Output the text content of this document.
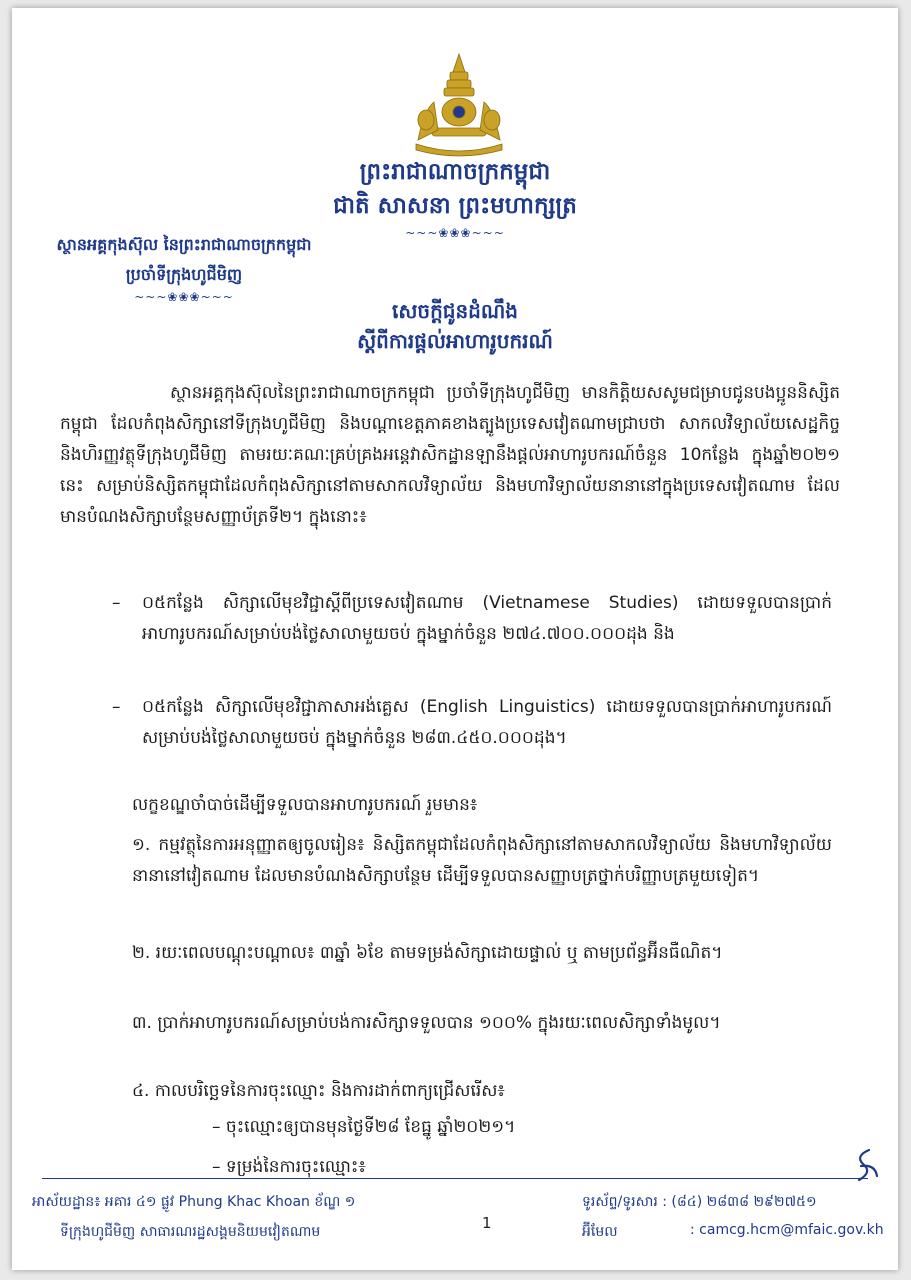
ព្រះរាជាណាចក្រកម្ពុជា
ជាតិ សាសនា ព្រះមហាក្សត្រ
~~~❀❀❀~~~
ស្ថានអគ្គកុងស៊ុល នៃព្រះរាជាណាចក្រកម្ពុជា
ប្រចាំទីក្រុងហូជីមិញ
~~~❀❀❀~~~
សេចក្តីជូនដំណឹង
ស្តីពីការផ្តល់អាហារូបករណ៍
ស្ថានអគ្គកុងស៊ុលនៃព្រះរាជាណាចក្រកម្ពុជា ប្រចាំទីក្រុងហូជីមិញ មានកិត្តិយសសូមជម្រាបជូនបងប្អូននិស្សិតកម្ពុជា ដែលកំពុងសិក្សានៅទីក្រុងហូជីមិញ និងបណ្តាខេត្តភាគខាងត្បូងប្រទេសវៀតណាមជ្រាបថា សាកលវិទ្យាល័យសេដ្ឋកិច្ច និងហិរញ្ញវត្ថុទីក្រុងហូជីមិញ តាមរយៈគណៈគ្រប់គ្រងអន្តេវាសិកដ្ឋានឡានឹងផ្តល់អាហារូបករណ៍ចំនួន 10កន្លែង ក្នុងឆ្នាំ២០២១ នេះ សម្រាប់និស្សិតកម្ពុជាដែលកំពុងសិក្សានៅតាមសាកលវិទ្យាល័យ និងមហាវិទ្យាល័យនានានៅក្នុងប្រទេសវៀតណាម ដែលមានបំណងសិក្សាបន្ថែមសញ្ញាប័ត្រទី២។ ក្នុងនោះ៖
– ០៥កន្លែង សិក្សាលើមុខវិជ្ជាស្តីពីប្រទេសវៀតណាម (Vietnamese Studies) ដោយទទួលបានប្រាក់អាហារូបករណ៍សម្រាប់បង់ថ្លៃសាលាមួយចប់ ក្នុងម្នាក់ចំនួន ២៧៤.៧០០.០០០ដុង និង
– ០៥កន្លែង សិក្សាលើមុខវិជ្ជាភាសាអង់គ្លេស (English Linguistics) ដោយទទួលបានប្រាក់អាហារូបករណ៍សម្រាប់បង់ថ្លៃសាលាមួយចប់ ក្នុងម្នាក់ចំនួន ២៨៣.៤៥០.០០០ដុង។
លក្ខខណ្ឌចាំបាច់ដើម្បីទទួលបានអាហារូបករណ៍ រួមមាន៖
១. កម្មវត្ថុនៃការអនុញ្ញាតឲ្យចូលរៀន៖ និស្សិតកម្ពុជាដែលកំពុងសិក្សានៅតាមសាកលវិទ្យាល័យ និងមហាវិទ្យាល័យនានានៅវៀតណាម ដែលមានបំណងសិក្សាបន្ថែម ដើម្បីទទួលបានសញ្ញាបត្រថ្នាក់បរិញ្ញាបត្រមួយទៀត។
២. រយៈពេលបណ្តុះបណ្តាល៖ ៣ឆ្នាំ ៦ខែ តាមទម្រង់សិក្សាដោយផ្ទាល់ ឬ តាមប្រព័ន្ធអ៊ីនធឺណិត។
៣. ប្រាក់អាហារូបករណ៍សម្រាប់បង់ការសិក្សាទទួលបាន ១០០% ក្នុងរយៈពេលសិក្សាទាំងមូល។
៤. កាលបរិច្ឆេទនៃការចុះឈ្មោះ និងការដាក់ពាក្យជ្រើសរើស៖
– ចុះឈ្មោះឲ្យបានមុនថ្ងៃទី២៨ ខែធ្នូ ឆ្នាំ២០២១។
– ទម្រង់នៃការចុះឈ្មោះ៖
អាស័យដ្ឋាន៖ អគារ ៤១ ផ្លូវ Phung Khac Khoan ខ័ណ្ឌ ១
ទីក្រុងហូជីមិញ សាធារណរដ្ឋសង្គមនិយមវៀតណាម	1
ទូរស័ព្ទ/ទូរសារ : (៨៤) ២៨៣៨ ២៩២៧៥១
អ៊ីមែល	: camcg.hcm@mfaic.gov.kh
